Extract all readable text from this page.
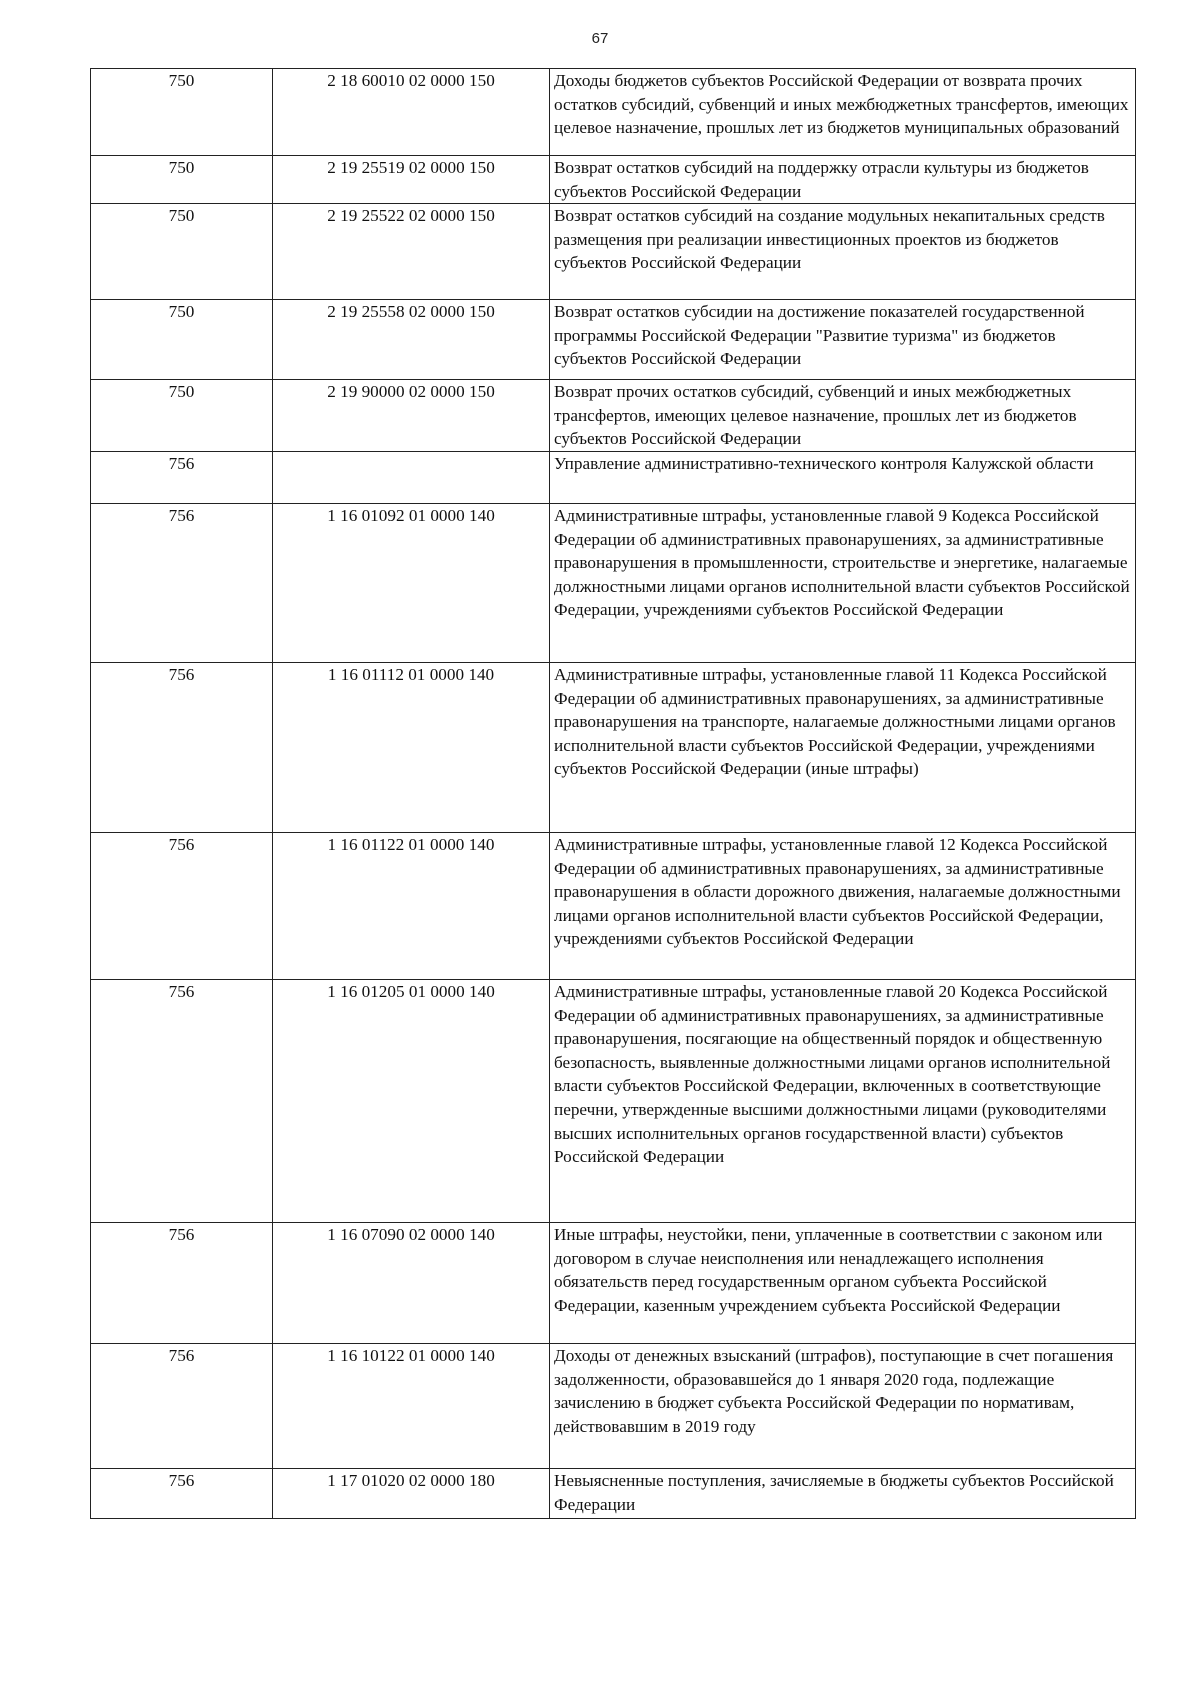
67
750	2 18 60010 02 0000 150	Доходы бюджетов субъектов Российской Федерации от возврата прочих остатков субсидий, субвенций и иных межбюджетных трансфертов, имеющих целевое назначение, прошлых лет из бюджетов муниципальных образований
750	2 19 25519 02 0000 150	Возврат остатков субсидий на поддержку отрасли культуры из бюджетов субъектов Российской Федерации
750	2 19 25522 02 0000 150	Возврат остатков субсидий на создание модульных некапитальных средств размещения при реализации инвестиционных проектов из бюджетов субъектов Российской Федерации
750	2 19 25558 02 0000 150	Возврат остатков субсидии на достижение показателей государственной программы Российской Федерации "Развитие туризма" из бюджетов субъектов Российской Федерации
750	2 19 90000 02 0000 150	Возврат прочих остатков субсидий, субвенций и иных межбюджетных трансфертов, имеющих целевое назначение, прошлых лет из бюджетов субъектов Российской Федерации
756		Управление административно-технического контроля Калужской области
756	1 16 01092 01 0000 140	Административные штрафы, установленные главой 9 Кодекса Российской Федерации об административных правонарушениях, за административные правонарушения в промышленности, строительстве и энергетике, налагаемые должностными лицами органов исполнительной власти субъектов Российской Федерации, учреждениями субъектов Российской Федерации
756	1 16 01112 01 0000 140	Административные штрафы, установленные главой 11 Кодекса Российской Федерации об административных правонарушениях, за административные правонарушения на транспорте, налагаемые должностными лицами органов исполнительной власти субъектов Российской Федерации, учреждениями субъектов Российской Федерации (иные штрафы)
756	1 16 01122 01 0000 140	Административные штрафы, установленные главой 12 Кодекса Российской Федерации об административных правонарушениях, за административные правонарушения в области дорожного движения, налагаемые должностными лицами органов исполнительной власти субъектов Российской Федерации, учреждениями субъектов Российской Федерации
756	1 16 01205 01 0000 140	Административные штрафы, установленные главой 20 Кодекса Российской Федерации об административных правонарушениях, за административные правонарушения, посягающие на общественный порядок и общественную безопасность, выявленные должностными лицами органов исполнительной власти субъектов Российской Федерации, включенных в соответствующие перечни, утвержденные высшими должностными лицами (руководителями высших исполнительных органов государственной власти) субъектов Российской Федерации
756	1 16 07090 02 0000 140	Иные штрафы, неустойки, пени, уплаченные в соответствии с законом или договором в случае неисполнения или ненадлежащего исполнения обязательств перед государственным органом субъекта Российской Федерации, казенным учреждением субъекта Российской Федерации
756	1 16 10122 01 0000 140	Доходы от денежных взысканий (штрафов), поступающие в счет погашения задолженности, образовавшейся до 1 января 2020 года, подлежащие зачислению в бюджет субъекта Российской Федерации по нормативам, действовавшим в 2019 году
756	1 17 01020 02 0000 180	Невыясненные поступления, зачисляемые в бюджеты субъектов Российской Федерации
